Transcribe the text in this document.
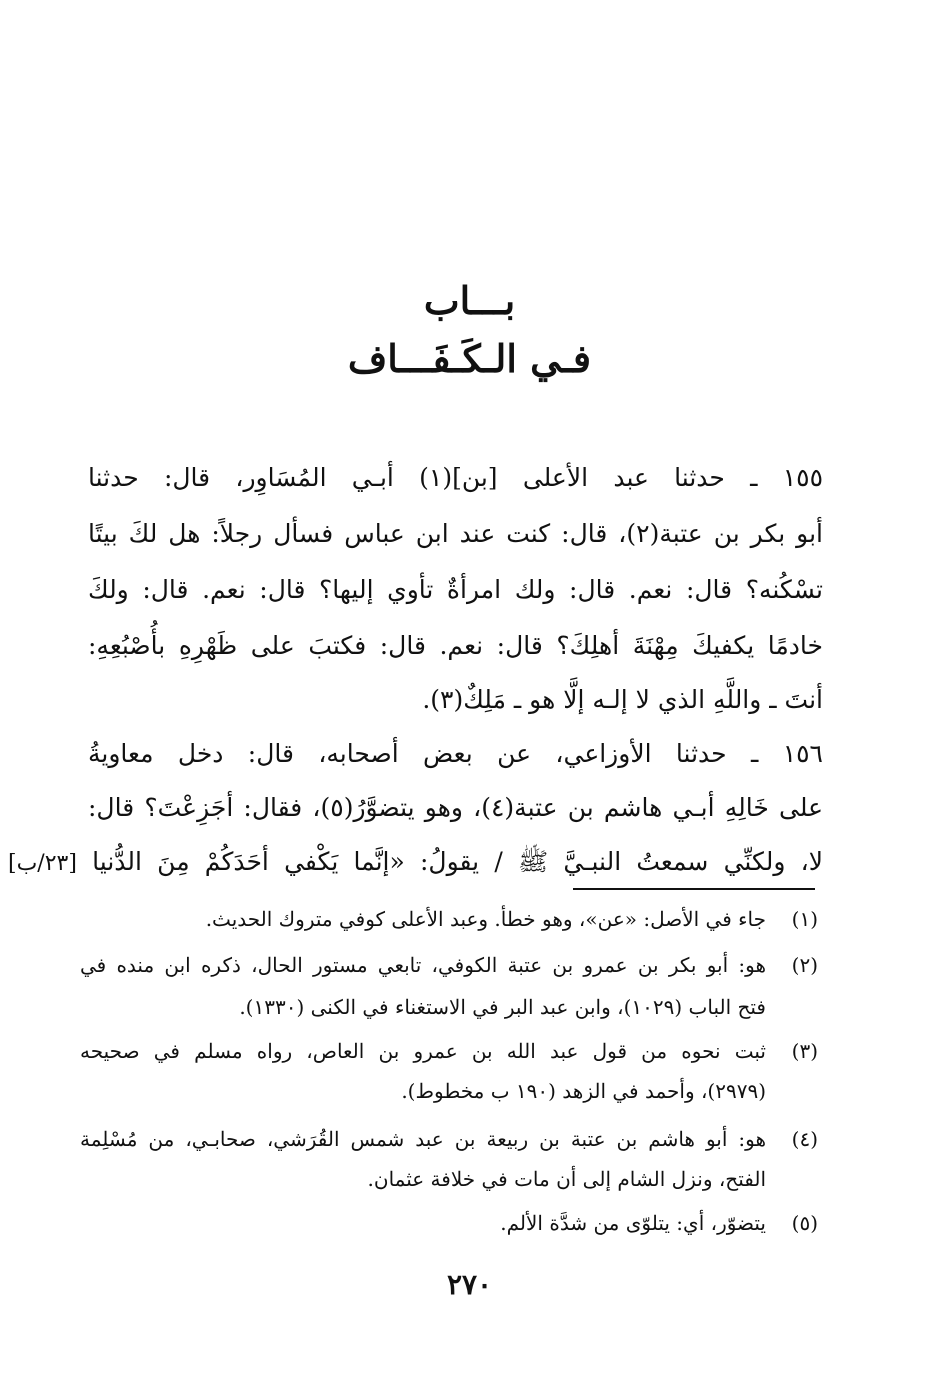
بـــاب
فـي الـكَـفَـــاف
١٥٥ ـ حدثنا عبد الأعلى [بن](١) أبـي المُسَاوِر، قال: حدثنا
أبو بكر بن عتبة(٢)، قال: كنت عند ابن عباس فسأل رجلاً: هل لكَ بيتًا
تسْكُنه؟ قال: نعم. قال: ولك امرأةٌ تأوي إليها؟ قال: نعم. قال: ولكَ
خادمًا يكفيكَ مِهْنَةَ أهلِكَ؟ قال: نعم. قال: فكتبَ على ظَهْرِهِ بأُصْبُعِهِ:
أنتَ ـ واللَّهِ الذي لا إلـه إلَّا هو ـ مَلِكٌ(٣).
١٥٦ ـ حدثنا الأوزاعي، عن بعض أصحابه، قال: دخل معاويةُ
على خَالِهِ أبـي هاشم بن عتبة(٤)، وهو يتضوَّرُ(٥)، فقال: أجَزِعْتَ؟ قال:
لا، ولكنِّي سمعتُ النبـيَّ ﷺ / يقولُ: «إنَّما يَكْفي أحَدَكُمْ مِنَ الدُّنيا [٢٣/ب]
(١)
جاء في الأصل: «عن»، وهو خطأ. وعبد الأعلى كوفي متروك الحديث.
(٢)
هو: أبو بكر بن عمرو بن عتبة الكوفي، تابعي مستور الحال، ذكره ابن منده في
فتح الباب (١٠٢٩)، وابن عبد البر في الاستغناء في الكنى (١٣٣٠).
(٣)
ثبت نحوه من قول عبد الله بن عمرو بن العاص، رواه مسلم في صحيحه
(٢٩٧٩)، وأحمد في الزهد (١٩٠ ب مخطوط).
(٤)
هو: أبو هاشم بن عتبة بن ربيعة بن عبد شمس القُرَشي، صحابـي، من مُسْلِمة
الفتح، ونزل الشام إلى أن مات في خلافة عثمان.
(٥)
يتضوّر، أي: يتلوّى من شدَّة الألم.
٢٧٠
